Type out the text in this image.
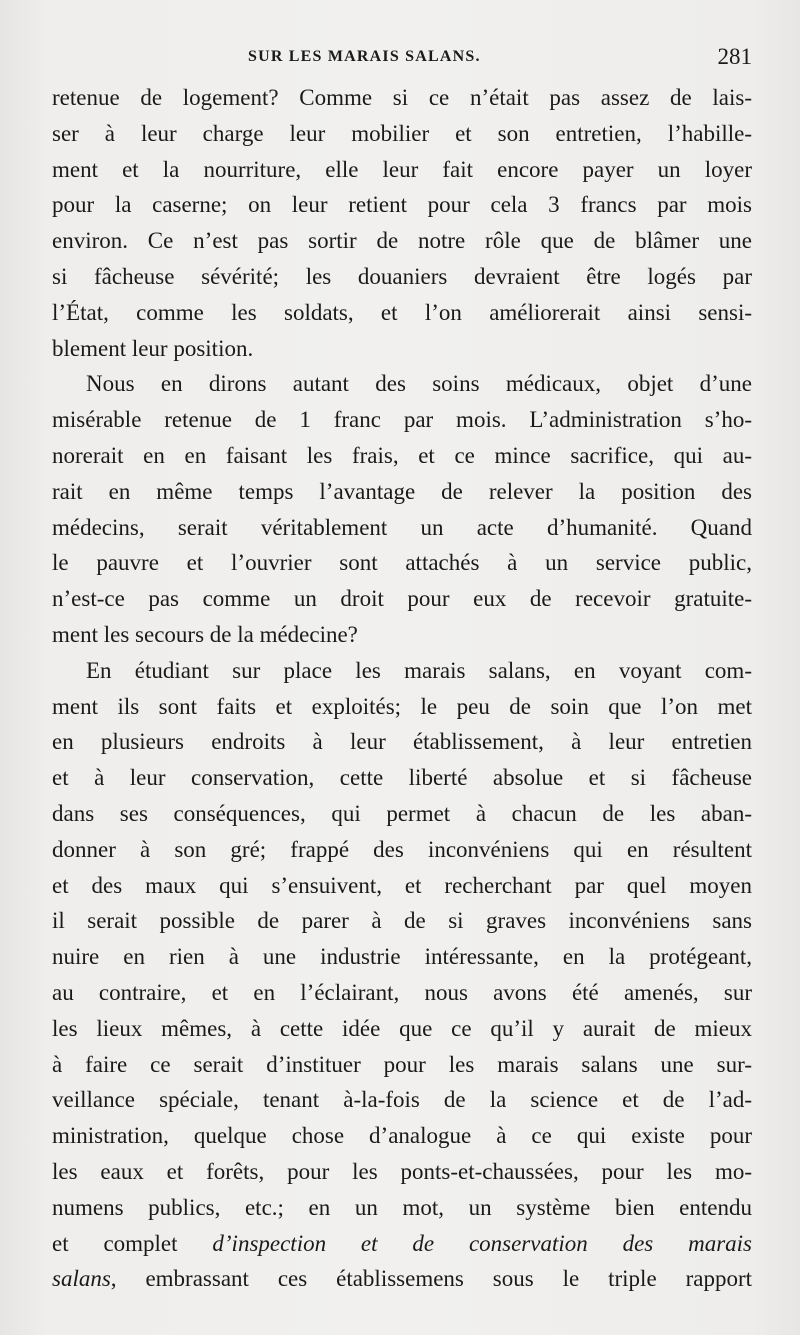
SUR LES MARAIS SALANS.	281
retenue de logement? Comme si ce n’était pas assez de lais-
ser à leur charge leur mobilier et son entretien, l’habille-
ment et la nourriture, elle leur fait encore payer un loyer
pour la caserne; on leur retient pour cela 3 francs par mois
environ. Ce n’est pas sortir de notre rôle que de blâmer une
si fâcheuse sévérité; les douaniers devraient être logés par
l’État, comme les soldats, et l’on améliorerait ainsi sensi-
blement leur position.
Nous en dirons autant des soins médicaux, objet d’une
misérable retenue de 1 franc par mois. L’administration s’ho-
norerait en en faisant les frais, et ce mince sacrifice, qui au-
rait en même temps l’avantage de relever la position des
médecins, serait véritablement un acte d’humanité. Quand
le pauvre et l’ouvrier sont attachés à un service public,
n’est-ce pas comme un droit pour eux de recevoir gratuite-
ment les secours de la médecine?
En étudiant sur place les marais salans, en voyant com-
ment ils sont faits et exploités; le peu de soin que l’on met
en plusieurs endroits à leur établissement, à leur entretien
et à leur conservation, cette liberté absolue et si fâcheuse
dans ses conséquences, qui permet à chacun de les aban-
donner à son gré; frappé des inconvéniens qui en résultent
et des maux qui s’ensuivent, et recherchant par quel moyen
il serait possible de parer à de si graves inconvéniens sans
nuire en rien à une industrie intéressante, en la protégeant,
au contraire, et en l’éclairant, nous avons été amenés, sur
les lieux mêmes, à cette idée que ce qu’il y aurait de mieux
à faire ce serait d’instituer pour les marais salans une sur-
veillance spéciale, tenant à-la-fois de la science et de l’ad-
ministration, quelque chose d’analogue à ce qui existe pour
les eaux et forêts, pour les ponts-et-chaussées, pour les mo-
numens publics, etc.; en un mot, un système bien entendu
et complet d’inspection et de conservation des marais
salans, embrassant ces établissemens sous le triple rapport
